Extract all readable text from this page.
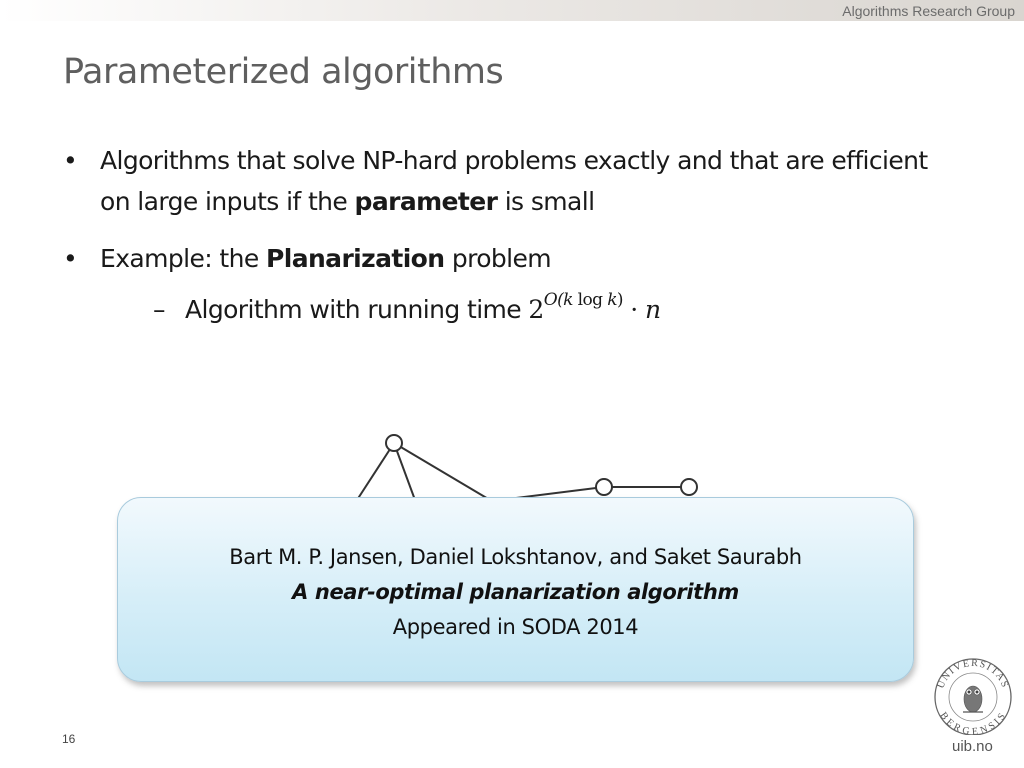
Algorithms Research Group
Parameterized algorithms
• Algorithms that solve NP-hard problems exactly and that are efficient on large inputs if the parameter is small
• Example: the Planarization problem
– Algorithm with running time $2^{O(k log k)} \cdot n$
Bart M. P. Jansen, Daniel Lokshtanov, and Saket Saurabh
A near-optimal planarization algorithm
Appeared in SODA 2014
16
UNIVERSITAS
BERGENSIS
uib.no
